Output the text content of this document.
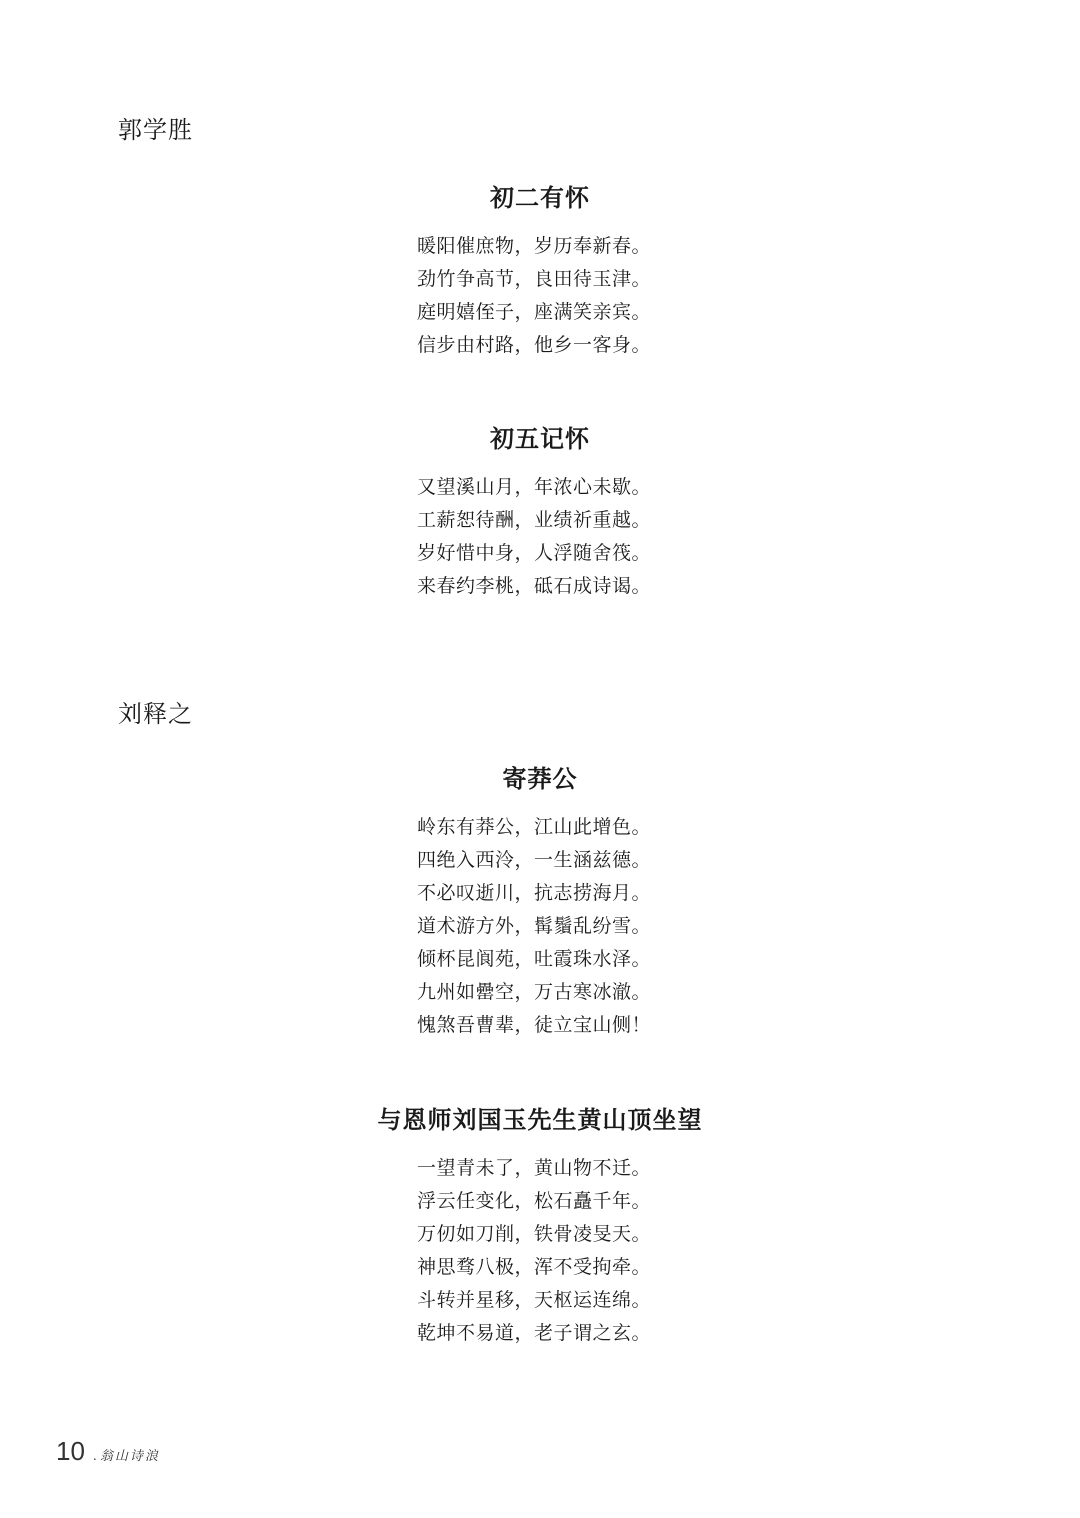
郭学胜
初二有怀
暖阳催庶物，岁历奉新春。
劲竹争高节，良田待玉津。
庭明嬉侄子，座满笑亲宾。
信步由村路，他乡一客身。
初五记怀
又望溪山月，年浓心未歇。
工薪恕待酬，业绩祈重越。
岁好惜中身，人浮随舍筏。
来春约李桃，砥石成诗谒。
刘释之
寄莽公
岭东有莽公，江山此增色。
四绝入西泠，一生涵兹德。
不必叹逝川，抗志捞海月。
道术游方外，髯鬚乱纷雪。
倾杯昆阆苑，吐霞珠水泽。
九州如罍空，万古寒冰澈。
愧煞吾曹辈，徒立宝山侧！
与恩师刘国玉先生黄山顶坐望
一望青未了，黄山物不迁。
浮云任变化，松石矗千年。
万仞如刀削，铁骨凌旻天。
神思骛八极，浑不受拘牵。
斗转并星移，天枢运连绵。
乾坤不易道，老子谓之玄。
10 . 翁山诗浪
